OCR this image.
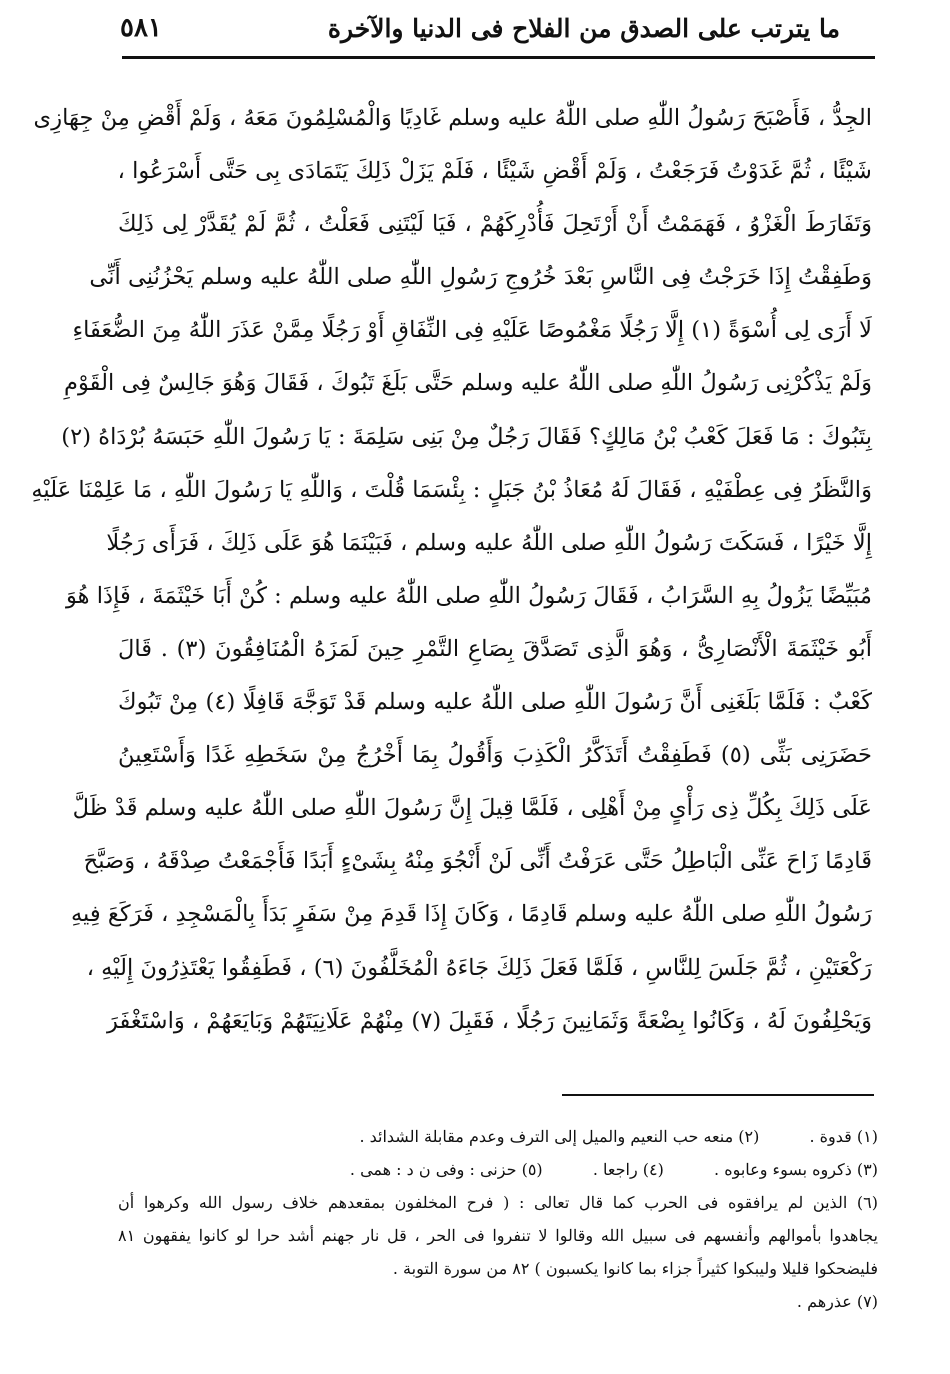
ما يترتب على الصدق من الفلاح فى الدنيا والآخرة
٥٨١
الجِدُّ ، فَأَصْبَحَ رَسُولُ اللّٰهِ صلى اللّٰهُ عليه وسلم غَادِيًا وَالْمُسْلِمُونَ مَعَهُ ، وَلَمْ أَقْضِ مِنْ جِهَازِى
شَيْئًا ، ثُمَّ غَدَوْتُ فَرَجَعْتُ ، وَلَمْ أَقْضِ شَيْئًا ، فَلَمْ يَزَلْ ذَلِكَ يَتَمَادَى بِى حَتَّى أَسْرَعُوا ،
وَتَفَارَطَ الْغَزْوُ ، فَهَمَمْتُ أَنْ أَرْتَحِلَ فَأُدْرِكَهُمْ ، فَيَا لَيْتَنِى فَعَلْتُ ، ثُمَّ لَمْ يُقَدَّرْ لِى ذَلِكَ
وَطَفِقْتُ إِذَا خَرَجْتُ فِى النَّاسِ بَعْدَ خُرُوجِ رَسُولِ اللّٰهِ صلى اللّٰهُ عليه وسلم يَحْزُنُنِى أَنِّى
لَا أَرَى لِى أُسْوَةً (١) إِلَّا رَجُلًا مَغْمُوصًا عَلَيْهِ فِى النِّفَاقِ أَوْ رَجُلًا مِمَّنْ عَذَرَ اللّٰهُ مِنَ الضُّعَفَاءِ
وَلَمْ يَذْكُرْنِى رَسُولُ اللّٰهِ صلى اللّٰهُ عليه وسلم حَتَّى بَلَغَ تَبُوكَ ، فَقَالَ وَهُوَ جَالِسٌ فِى الْقَوْمِ
بِتَبُوكَ : مَا فَعَلَ كَعْبُ بْنُ مَالِكٍ؟ فَقَالَ رَجُلٌ مِنْ بَنِى سَلِمَةَ : يَا رَسُولَ اللّٰهِ حَبَسَهُ بُرْدَاهُ (٢)
وَالنَّظَرُ فِى عِطْفَيْهِ ، فَقَالَ لَهُ مُعَاذُ بْنُ جَبَلٍ : بِئْسَمَا قُلْتَ ، وَاللّٰهِ يَا رَسُولَ اللّٰهِ ، مَا عَلِمْنَا عَلَيْهِ
إِلَّا خَيْرًا ، فَسَكَتَ رَسُولُ اللّٰهِ صلى اللّٰهُ عليه وسلم ، فَبَيْنَمَا هُوَ عَلَى ذَلِكَ ، فَرَأَى رَجُلًا
مُبَيِّضًا يَزُولُ بِهِ السَّرَابُ ، فَقَالَ رَسُولُ اللّٰهِ صلى اللّٰهُ عليه وسلم : كُنْ أَبَا خَيْثَمَةَ ، فَإِذَا هُوَ
أَبُو خَيْثَمَةَ الْأَنْصَارِىُّ ، وَهُوَ الَّذِى تَصَدَّقَ بِصَاعِ التَّمْرِ حِينَ لَمَزَهُ الْمُنَافِقُونَ (٣) . قَالَ
كَعْبٌ : فَلَمَّا بَلَغَنِى أَنَّ رَسُولَ اللّٰهِ صلى اللّٰهُ عليه وسلم قَدْ تَوَجَّهَ قَافِلًا (٤) مِنْ تَبُوكَ
حَضَرَنِى بَثِّى (٥) فَطَفِقْتُ أَتَذَكَّرُ الْكَذِبَ وَأَقُولُ بِمَا أَخْرُجُ مِنْ سَخَطِهِ غَدًا وَأَسْتَعِينُ
عَلَى ذَلِكَ بِكُلِّ ذِى رَأْىٍ مِنْ أَهْلِى ، فَلَمَّا قِيلَ إِنَّ رَسُولَ اللّٰهِ صلى اللّٰهُ عليه وسلم قَدْ ظَلَّ
قَادِمًا زَاحَ عَنِّى الْبَاطِلُ حَتَّى عَرَفْتُ أَنِّى لَنْ أَنْجُوَ مِنْهُ بِشَىْءٍ أَبَدًا فَأَجْمَعْتُ صِدْقَهُ ، وَصَبَّحَ
رَسُولُ اللّٰهِ صلى اللّٰهُ عليه وسلم قَادِمًا ، وَكَانَ إِذَا قَدِمَ مِنْ سَفَرٍ بَدَأَ بِالْمَسْجِدِ ، فَرَكَعَ فِيهِ
رَكْعَتَيْنِ ، ثُمَّ جَلَسَ لِلنَّاسِ ، فَلَمَّا فَعَلَ ذَلِكَ جَاءَهُ الْمُخَلَّفُونَ (٦) ، فَطَفِقُوا يَعْتَذِرُونَ إِلَيْهِ ،
وَيَحْلِفُونَ لَهُ ، وَكَانُوا بِضْعَةً وَثَمَانِينَ رَجُلًا ، فَقَبِلَ (٧) مِنْهُمْ عَلَانِيَتَهُمْ وَبَايَعَهُمْ ، وَاسْتَغْفَرَ
(١) قدوة .  (٢) منعه حب النعيم والميل إلى الترف وعدم مقابلة الشدائد .
(٣) ذكروه بسوء وعابوه .  (٤) راجعا .  (٥) حزنى : وفى ن د : همى .
(٦) الذين لم يرافقوه فى الحرب كما قال تعالى : ( فرح المخلفون بمقعدهم خلاف رسول الله وكرهوا أن
يجاهدوا بأموالهم وأنفسهم فى سبيل الله وقالوا لا تنفروا فى الحر ، قل نار جهنم أشد حرا لو كانوا يفقهون ٨١
فليضحكوا قليلا وليبكوا كثيراً جزاء بما كانوا يكسبون ) ٨٢ من سورة التوبة .
(٧) عذرهم .
